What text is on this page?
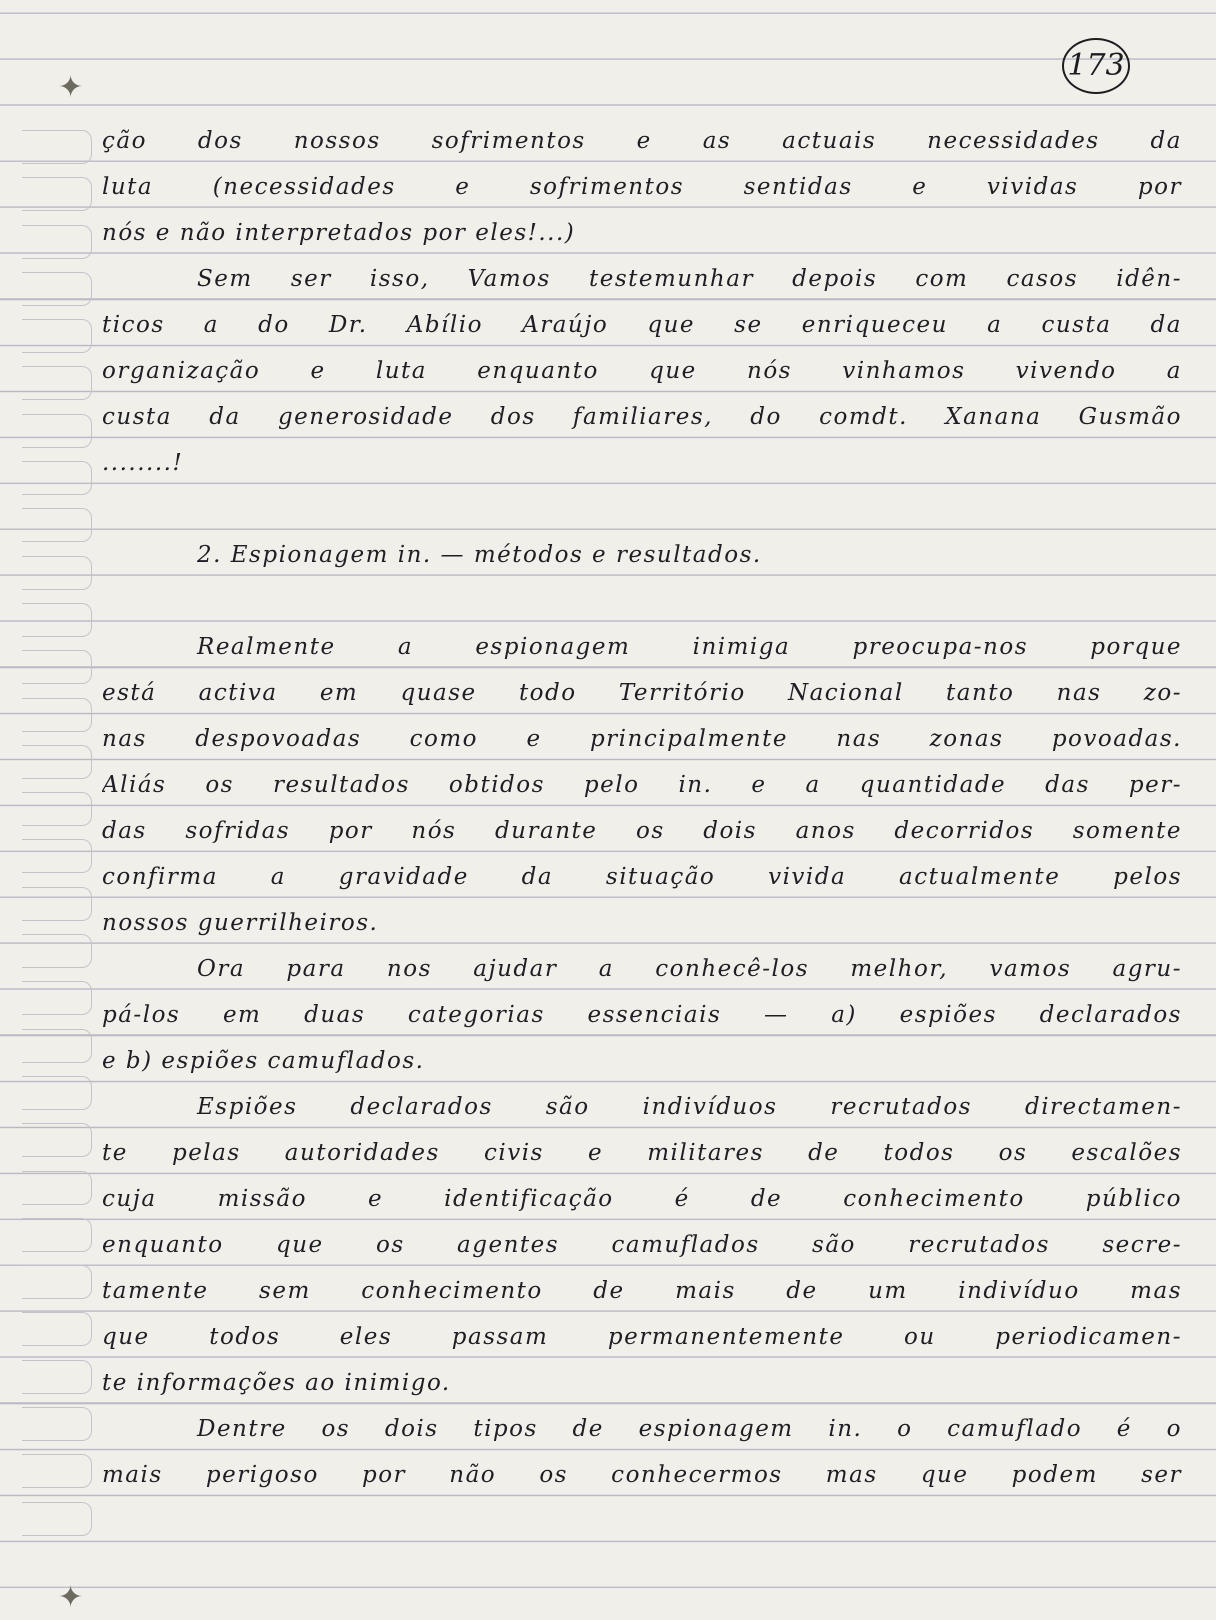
✦
✦
173
ção dos nossos sofrimentos e as actuais necessidades da
luta (necessidades e sofrimentos sentidas e vividas por
nós e não interpretados por eles!...)
Sem ser isso, Vamos testemunhar depois com casos idên-
ticos a do Dr. Abílio Araújo que se enriqueceu a custa da
organização e luta enquanto que nós vinhamos vivendo a
custa da generosidade dos familiares, do comdt. Xanana Gusmão
........!
2. Espionagem in. — métodos e resultados.
Realmente a espionagem inimiga preocupa-nos porque
está activa em quase todo Território Nacional tanto nas zo-
nas despovoadas como e principalmente nas zonas povoadas.
Aliás os resultados obtidos pelo in. e a quantidade das per-
das sofridas por nós durante os dois anos decorridos somente
confirma a gravidade da situação vivida actualmente pelos
nossos guerrilheiros.
Ora para nos ajudar a conhecê-los melhor, vamos agru-
pá-los em duas categorias essenciais — a) espiões declarados
e b) espiões camuflados.
Espiões declarados são indivíduos recrutados directamen-
te pelas autoridades civis e militares de todos os escalões
cuja missão e identificação é de conhecimento público
enquanto que os agentes camuflados são recrutados secre-
tamente sem conhecimento de mais de um indivíduo mas
que todos eles passam permanentemente ou periodicamen-
te informações ao inimigo.
Dentre os dois tipos de espionagem in. o camuflado é o
mais perigoso por não os conhecermos mas que podem ser
